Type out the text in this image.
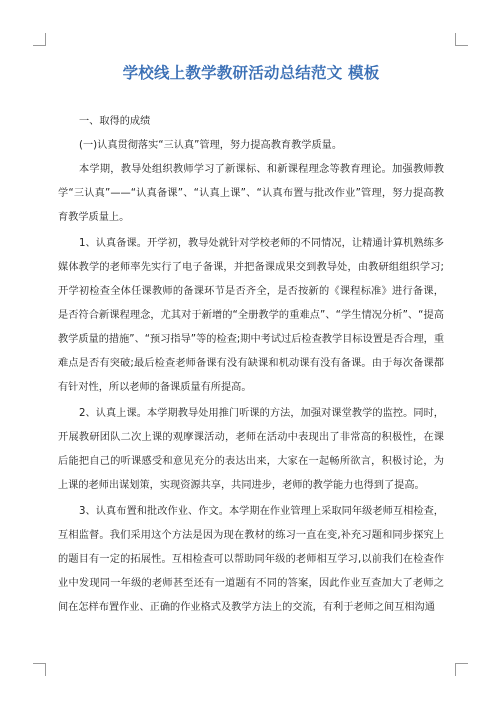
学校线上教学教研活动总结范文 模板

一、取得的成绩

(一)认真贯彻落实“三认真”管理，努力提高教育教学质量。

本学期，教导处组织教师学习了新课标、和新课程理念等教育理论。加强教师教学“三认真”——“认真备课”、“认真上课”、“认真布置与批改作业”管理，努力提高教育教学质量上。

1、认真备课。开学初，教导处就针对学校老师的不同情况，让精通计算机熟练多媒体教学的老师率先实行了电子备课，并把备课成果交到教导处，由教研组组织学习;开学初检查全体任课教师的备课环节是否齐全，是否按新的《课程标准》进行备课，是否符合新课程理念，尤其对于新增的“全册教学的重难点”、“学生情况分析”、“提高教学质量的措施”、“预习指导”等的检查;期中考试过后检查教学目标设置是否合理，重难点是否有突破;最后检查老师备课有没有缺课和机动课有没有备课。由于每次备课都有针对性，所以老师的备课质量有所提高。

2、认真上课。本学期教导处用推门听课的方法，加强对课堂教学的监控。同时，开展教研团队二次上课的观摩课活动，老师在活动中表现出了非常高的积极性，在课后能把自己的听课感受和意见充分的表达出来，大家在一起畅所欲言，积极讨论，为上课的老师出谋划策，实现资源共享，共同进步，老师的教学能力也得到了提高。

3、认真布置和批改作业、作文。本学期在作业管理上采取同年级老师互相检查，互相监督。我们采用这个方法是因为现在教材的练习一直在变,补充习题和同步探究上的题目有一定的拓展性。互相检查可以帮助同年级的老师相互学习,以前我们在检查作业中发现同一年级的老师甚至还有一道题有不同的答案，因此作业互查加大了老师之间在怎样布置作业、正确的作业格式及教学方法上的交流，有利于老师之间互相沟通
